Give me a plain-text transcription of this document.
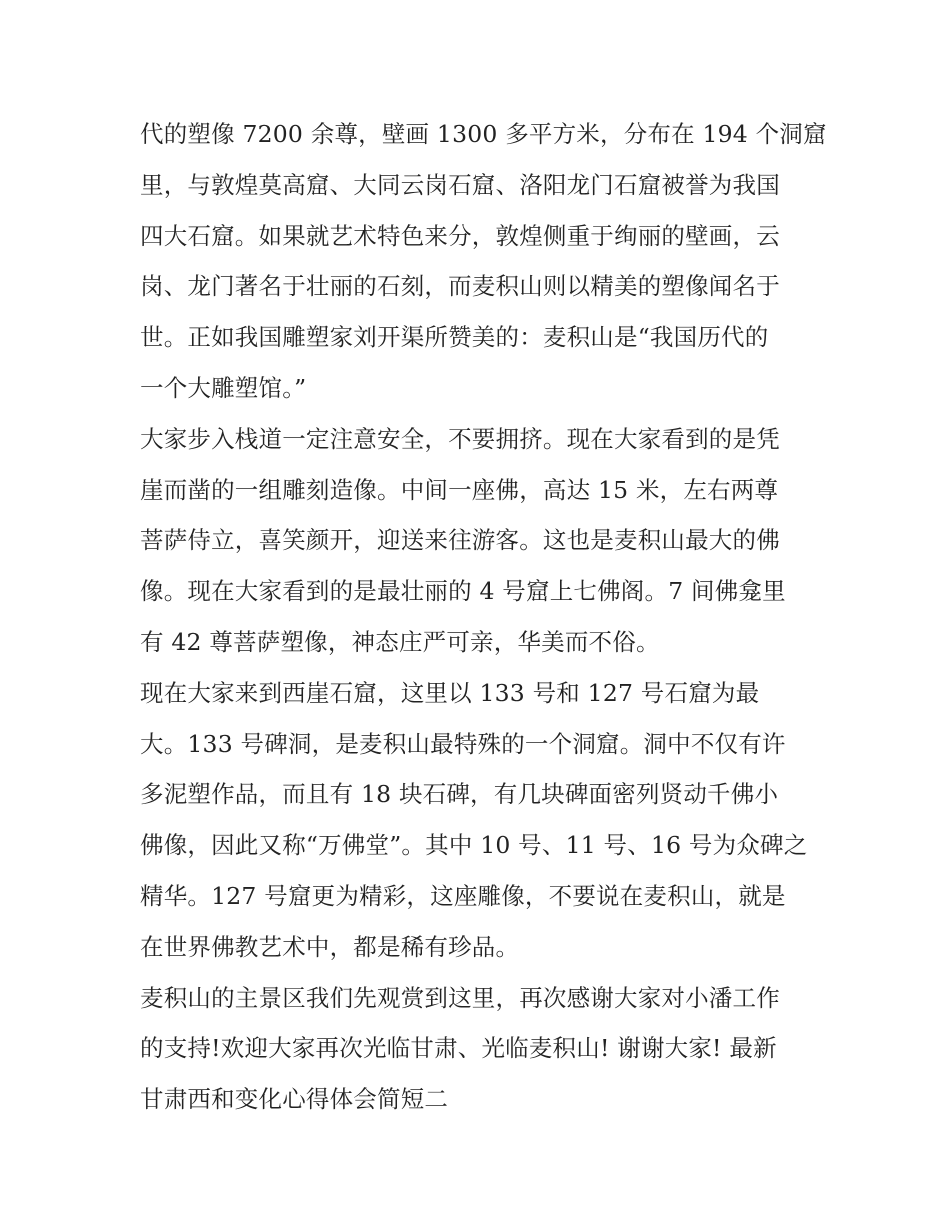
代的塑像 7200 余尊，壁画 1300 多平方米，分布在 194 个洞窟
里，与敦煌莫高窟、大同云岗石窟、洛阳龙门石窟被誉为我国
四大石窟。如果就艺术特色来分，敦煌侧重于绚丽的壁画，云
岗、龙门著名于壮丽的石刻，而麦积山则以精美的塑像闻名于
世。正如我国雕塑家刘开渠所赞美的：麦积山是“我国历代的
一个大雕塑馆。”
大家步入栈道一定注意安全，不要拥挤。现在大家看到的是凭
崖而凿的一组雕刻造像。中间一座佛，高达 15 米，左右两尊
菩萨侍立，喜笑颜开，迎送来往游客。这也是麦积山最大的佛
像。现在大家看到的是最壮丽的 4 号窟上七佛阁。7 间佛龛里
有 42 尊菩萨塑像，神态庄严可亲，华美而不俗。
现在大家来到西崖石窟，这里以 133 号和 127 号石窟为最
大。133 号碑洞，是麦积山最特殊的一个洞窟。洞中不仅有许
多泥塑作品，而且有 18 块石碑，有几块碑面密列贤动千佛小
佛像，因此又称“万佛堂”。其中 10 号、11 号、16 号为众碑之
精华。127 号窟更为精彩，这座雕像，不要说在麦积山，就是
在世界佛教艺术中，都是稀有珍品。
麦积山的主景区我们先观赏到这里，再次感谢大家对小潘工作
的支持!欢迎大家再次光临甘肃、光临麦积山! 谢谢大家! 最新
甘肃西和变化心得体会简短二
